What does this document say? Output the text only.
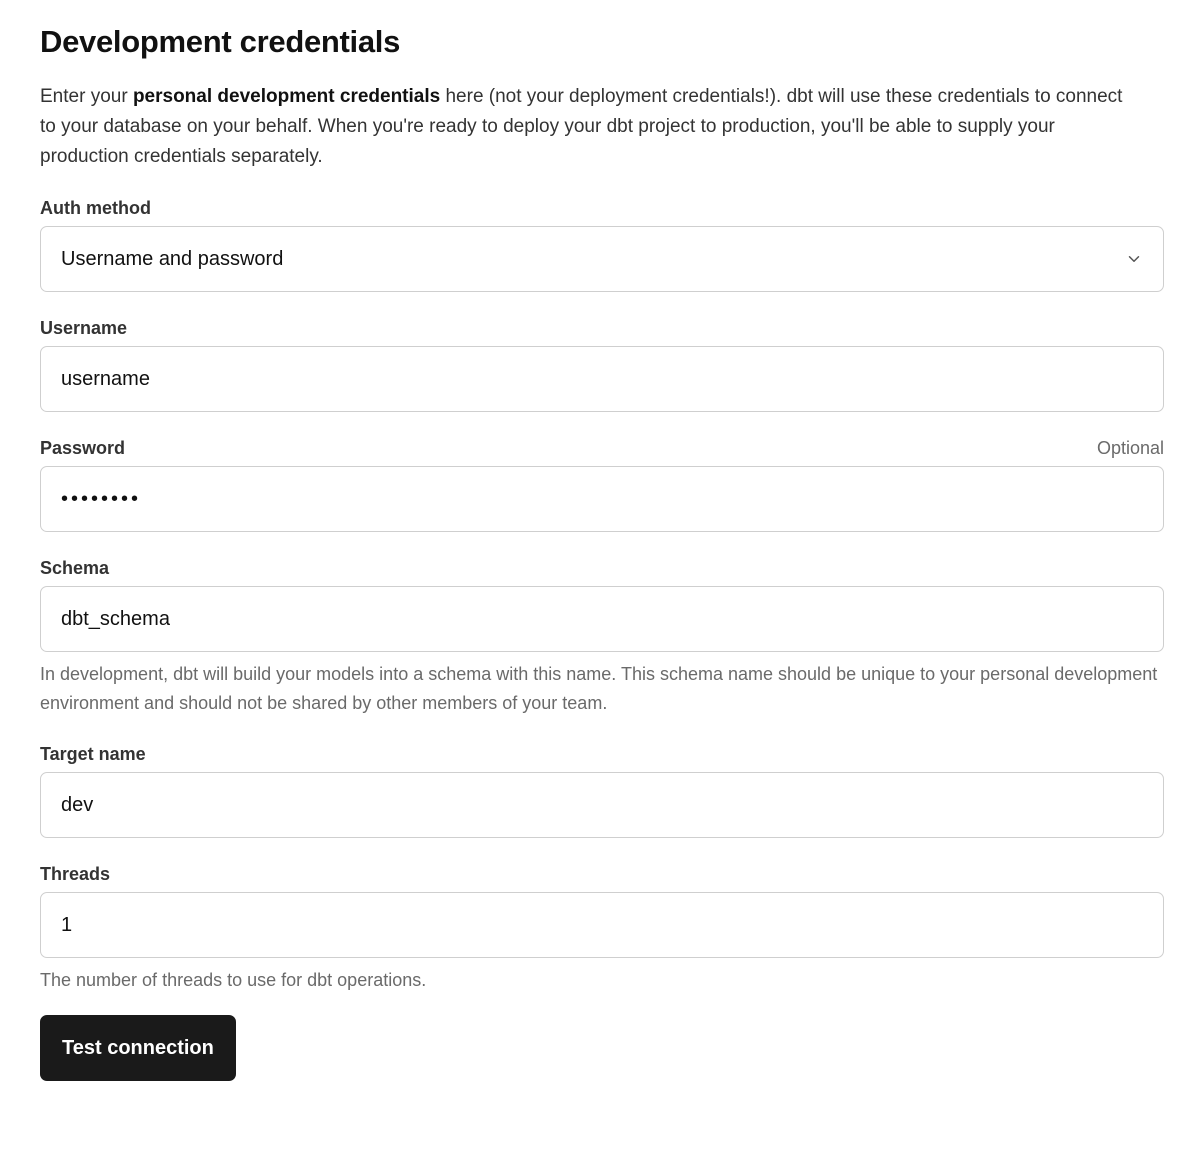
Development credentials

Enter your personal development credentials here (not your deployment credentials!). dbt will use these credentials to connect to your database on your behalf. When you're ready to deploy your dbt project to production, you'll be able to supply your production credentials separately.

Auth method
Username and password
Username
username
Password	Optional
••••••••
Schema
dbt_schema
In development, dbt will build your models into a schema with this name. This schema name should be unique to your personal development environment and should not be shared by other members of your team.
Target name
dev
Threads
1
The number of threads to use for dbt operations.
Test connection
